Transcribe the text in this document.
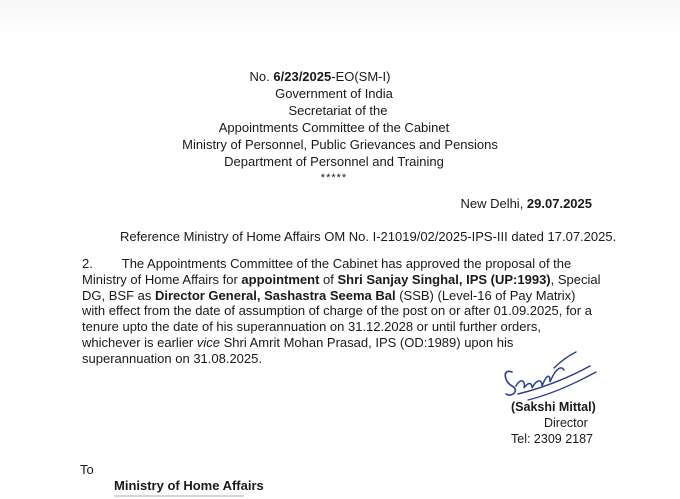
No. 6/23/2025-EO(SM-I)
Government of India
Secretariat of the
Appointments Committee of the Cabinet
Ministry of Personnel, Public Grievances and Pensions
Department of Personnel and Training
*****
New Delhi, 29.07.2025
Reference Ministry of Home Affairs OM No. I-21019/02/2025-IPS-III dated 17.07.2025.

2. The Appointments Committee of the Cabinet has approved the proposal of the Ministry of Home Affairs for appointment of Shri Sanjay Singhal, IPS (UP:1993), Special DG, BSF as Director General, Sashastra Seema Bal (SSB) (Level-16 of Pay Matrix) with effect from the date of assumption of charge of the post on or after 01.09.2025, for a tenure upto the date of his superannuation on 31.12.2028 or until further orders, whichever is earlier vice Shri Amrit Mohan Prasad, IPS (OD:1989) upon his superannuation on 31.08.2025.

(Sakshi Mittal)
Director
Tel: 2309 2187
To
Ministry of Home Affairs
